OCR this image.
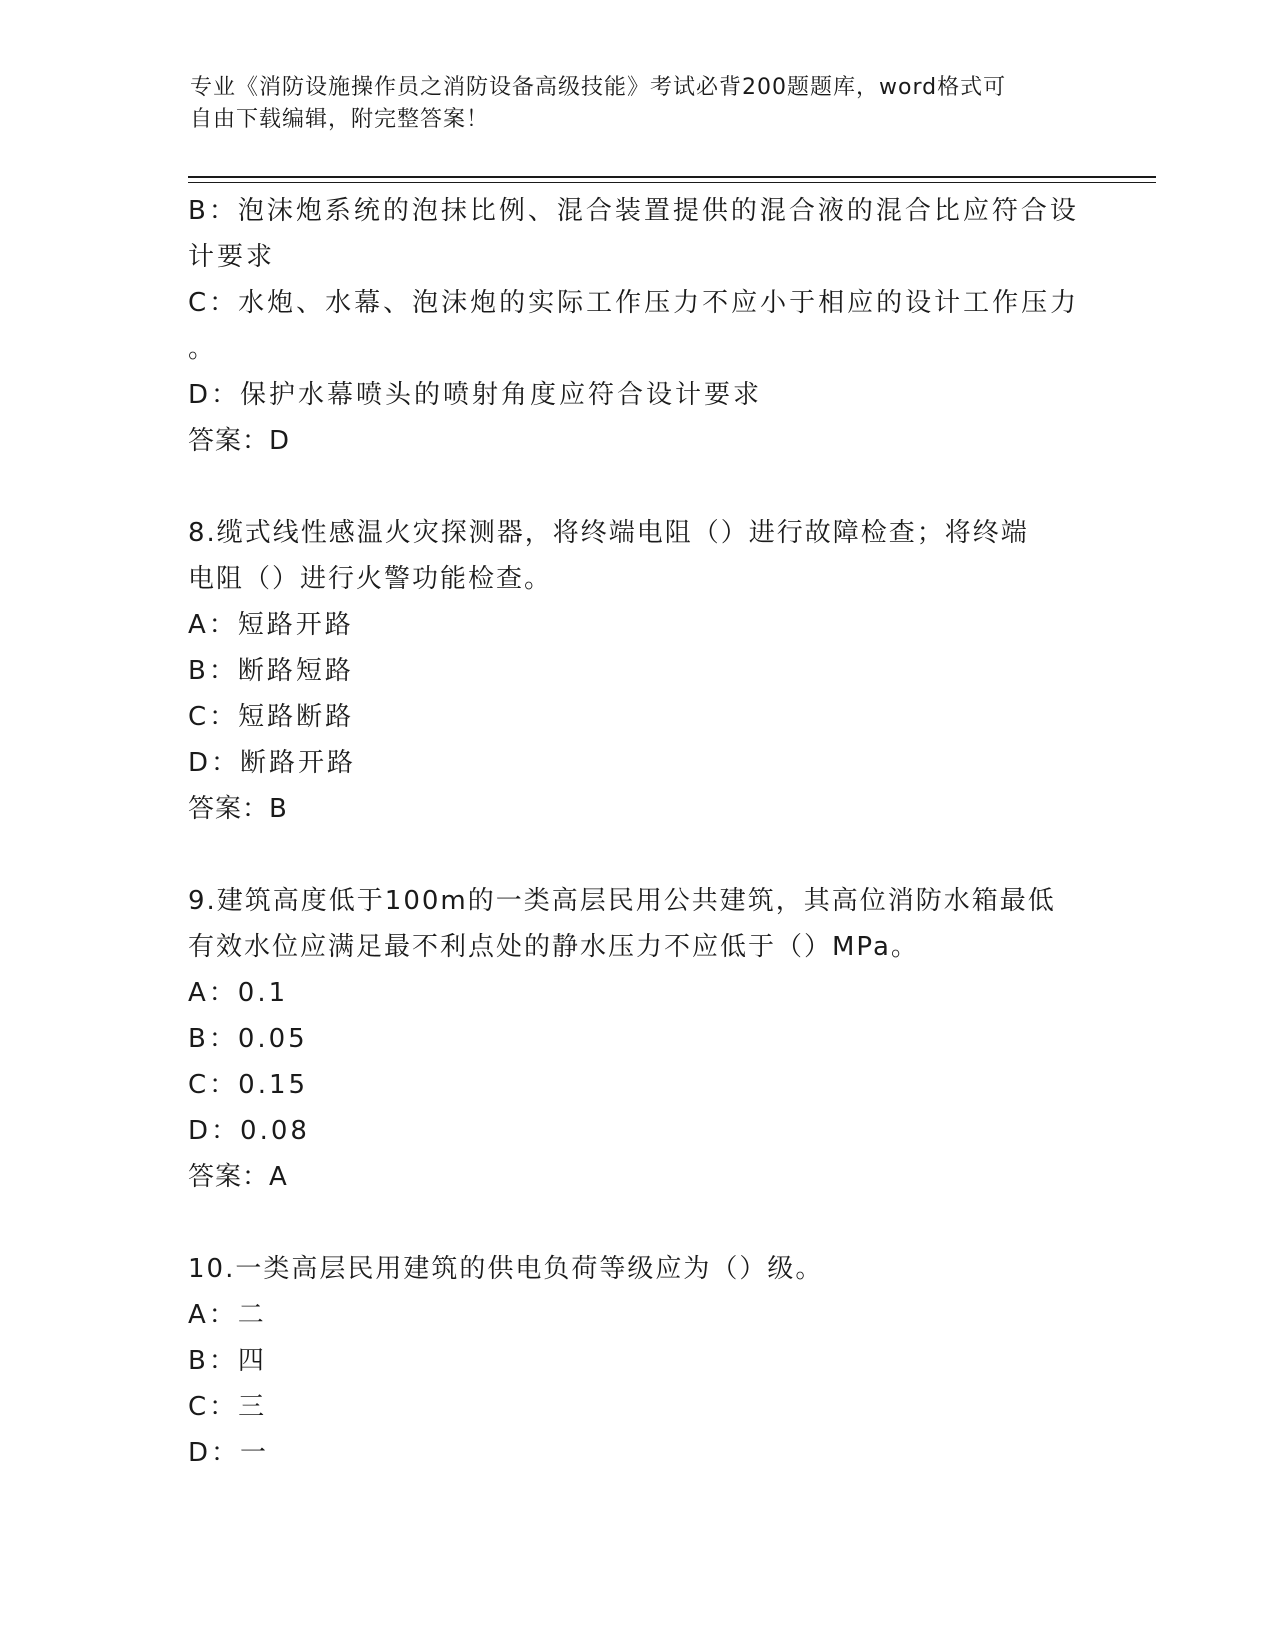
专业《消防设施操作员之消防设备高级技能》考试必背200题题库，word格式可
自由下载编辑，附完整答案！
B：泡沫炮系统的泡抹比例、混合装置提供的混合液的混合比应符合设
计要求
C：水炮、水幕、泡沫炮的实际工作压力不应小于相应的设计工作压力
。
D：保护水幕喷头的喷射角度应符合设计要求
答案：D
8.缆式线性感温火灾探测器，将终端电阻（）进行故障检查；将终端
电阻（）进行火警功能检查。
A：短路开路
B：断路短路
C：短路断路
D：断路开路
答案：B
9.建筑高度低于100m的一类高层民用公共建筑，其高位消防水箱最低
有效水位应满足最不利点处的静水压力不应低于（）MPa。
A：0.1
B：0.05
C：0.15
D：0.08
答案：A
10.一类高层民用建筑的供电负荷等级应为（）级。
A：二
B：四
C：三
D：一
